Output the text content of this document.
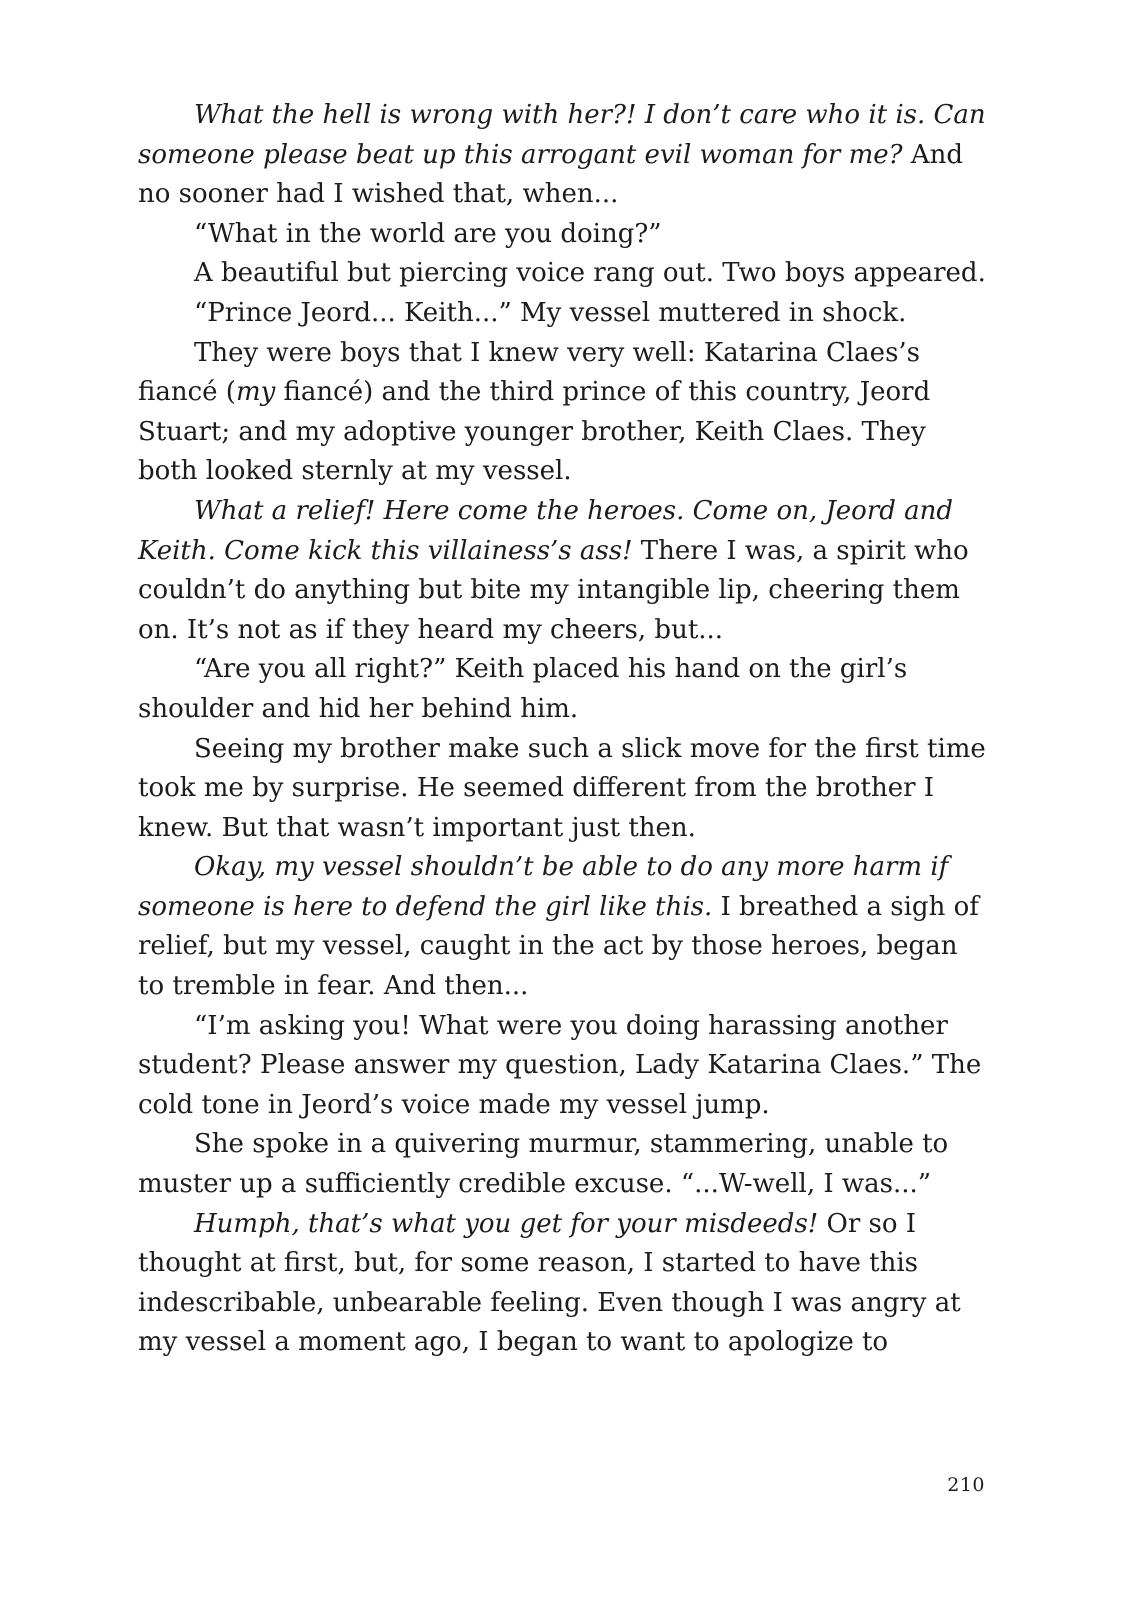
What the hell is wrong with her?! I don’t care who it is. Can someone please beat up this arrogant evil woman for me? And no sooner had I wished that, when...

“What in the world are you doing?”

A beautiful but piercing voice rang out. Two boys appeared.

“Prince Jeord... Keith...” My vessel muttered in shock.

They were boys that I knew very well: Katarina Claes’s fiancé (my fiancé) and the third prince of this country, Jeord Stuart; and my adoptive younger brother, Keith Claes. They both looked sternly at my vessel.

What a relief! Here come the heroes. Come on, Jeord and Keith. Come kick this villainess’s ass! There I was, a spirit who couldn’t do anything but bite my intangible lip, cheering them on. It’s not as if they heard my cheers, but...

“Are you all right?” Keith placed his hand on the girl’s shoulder and hid her behind him.

Seeing my brother make such a slick move for the first time took me by surprise. He seemed different from the brother I knew. But that wasn’t important just then.

Okay, my vessel shouldn’t be able to do any more harm if someone is here to defend the girl like this. I breathed a sigh of relief, but my vessel, caught in the act by those heroes, began to tremble in fear. And then...

“I’m asking you! What were you doing harassing another student? Please answer my question, Lady Katarina Claes.” The cold tone in Jeord’s voice made my vessel jump.

She spoke in a quivering murmur, stammering, unable to muster up a sufficiently credible excuse. “...W-well, I was...”

Humph, that’s what you get for your misdeeds! Or so I thought at first, but, for some reason, I started to have this indescribable, unbearable feeling. Even though I was angry at my vessel a moment ago, I began to want to apologize to

210
